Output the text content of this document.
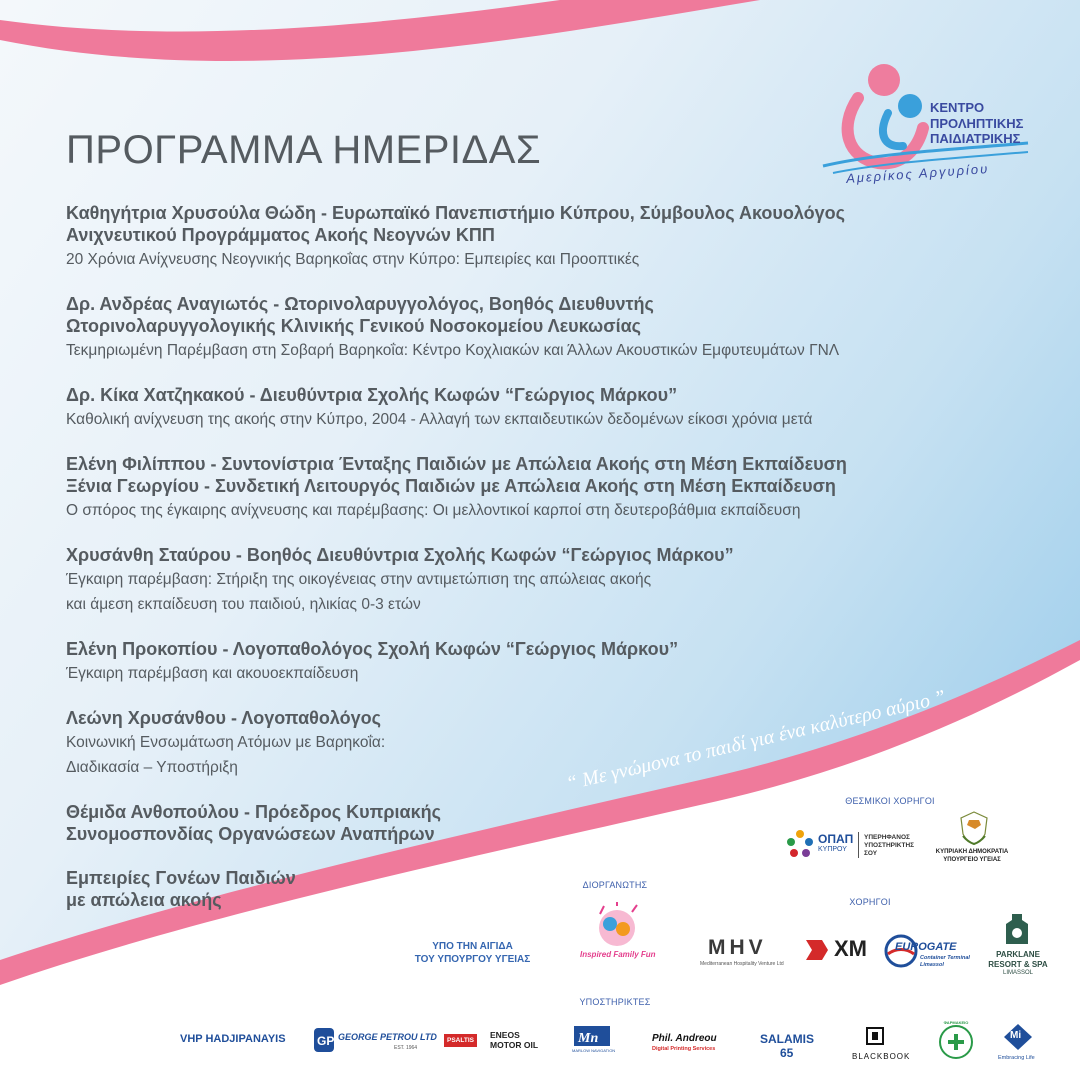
ΚΕΝΤΡΟ
ΠΡΟΛΗΠΤΙΚΗΣ
ΠΑΙΔΙΑΤΡΙΚΗΣ
Αμερίκος Αργυρίου
ΠΡΟΓΡΑΜΜΑ ΗΜΕΡΙΔΑΣ
Καθηγήτρια Χρυσούλα Θώδη - Ευρωπαϊκό Πανεπιστήμιο Κύπρου, Σύμβουλος Ακουολόγος
Ανιχνευτικού Προγράμματος Ακοής Νεογνών ΚΠΠ
20 Χρόνια Ανίχνευσης Νεογνικής Βαρηκοΐας στην Κύπρο: Εμπειρίες και Προοπτικές
Δρ. Ανδρέας Αναγιωτός - Ωτορινολαρυγγολόγος, Βοηθός Διευθυντής
Ωτορινολαρυγγολογικής Κλινικής Γενικού Νοσοκομείου Λευκωσίας
Τεκμηριωμένη Παρέμβαση στη Σοβαρή Βαρηκοΐα: Κέντρο Κοχλιακών και Άλλων Ακουστικών Εμφυτευμάτων ΓΝΛ
Δρ. Κίκα Χατζηκακού - Διευθύντρια Σχολής Κωφών “Γεώργιος Μάρκου”
Καθολική ανίχνευση της ακοής στην Κύπρο, 2004 - Αλλαγή των εκπαιδευτικών δεδομένων είκοσι χρόνια μετά
Ελένη Φιλίππου - Συντονίστρια Ένταξης Παιδιών με Απώλεια Ακοής στη Μέση Εκπαίδευση
Ξένια Γεωργίου - Συνδετική Λειτουργός Παιδιών με Απώλεια Ακοής στη Μέση Εκπαίδευση
Ο σπόρος της έγκαιρης ανίχνευσης και παρέμβασης: Οι μελλοντικοί καρποί στη δευτεροβάθμια εκπαίδευση
Χρυσάνθη Σταύρου - Βοηθός Διευθύντρια Σχολής Κωφών “Γεώργιος Μάρκου”
Έγκαιρη παρέμβαση: Στήριξη της οικογένειας στην αντιμετώπιση της απώλειας ακοής
και άμεση εκπαίδευση του παιδιού, ηλικίας 0-3 ετών
Ελένη Προκοπίου - Λογοπαθολόγος Σχολή Κωφών “Γεώργιος Μάρκου”
Έγκαιρη παρέμβαση και ακουοεκπαίδευση
Λεώνη Χρυσάνθου - Λογοπαθολόγος
Κοινωνική Ενσωμάτωση Ατόμων με Βαρηκοΐα:
Διαδικασία – Υποστήριξη
Θέμιδα Ανθοπούλου - Πρόεδρος Κυπριακής
Συνομοσπονδίας Οργανώσεων Αναπήρων
Εμπειρίες Γονέων Παιδιών
με απώλεια ακοής
“ Με γνώμονα το παιδί για ένα καλύτερο αύριο ”
ΘΕΣΜΙΚΟΙ ΧΟΡΗΓΟΙ
ΔΙΟΡΓΑΝΩΤΗΣ
ΧΟΡΗΓΟΙ
ΥΠΟΣΤΗΡΙΚΤΕΣ
ΥΠΟ ΤΗΝ ΑΙΓΙΔΑ
ΤΟΥ ΥΠΟΥΡΓΟΥ ΥΓΕΙΑΣ
ΟΠΑΠ
ΚΥΠΡΟΥ
ΥΠΕΡΗΦΑΝΟΣ ΥΠΟΣΤΗΡΙΚΤΗΣ ΣΟΥ	ΚΥΠΡΙΑΚΗ ΔΗΜΟΚΡΑΤΙΑ ΥΠΟΥΡΓΕΙΟ ΥΓΕΙΑΣ
Inspired Family Fun MHV
Mediterranean Hospitality Venture Ltd
XM	EUROGATE
Container Terminal Limassol
PARKLANE
RESORT & SPA
LIMASSOL
VHP HADJIPANAYIS	GP GEORGE PETROU LTD
EST. 1964
PSALTIS
ENEOS MOTOR OIL	Mn
MARLOW NAVIGATION
Phil. Andreou
Digital Printing Services
SALAMIS
65	BLACKBOOK
ΦΑΡΜΑΚΕΙΟ
Mi
Embracing Life
